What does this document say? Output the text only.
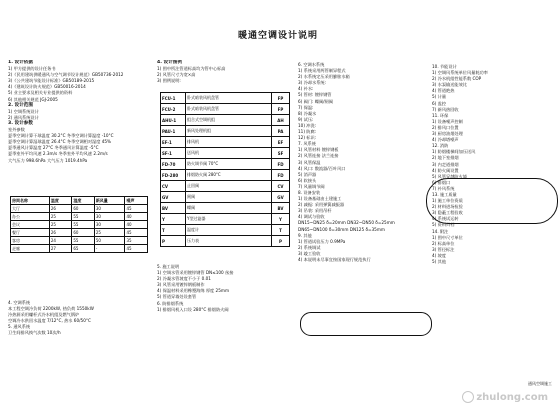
暖通空调设计说明

1. 设计依据

1) 甲方提供的设计任务书

2)《民用建筑供暖通风与空气调节设计规范》GB50736-2012

3)《公共建筑节能设计标准》GB50189-2015

4)《建筑设计防火规范》GB50016-2014

5) 业主要求及相关专业提供的资料

6) 其他相关规范 JGJ-2005

2. 设计范围

1) 空调系统设计

2) 通风系统设计

3. 设计参数

室外参数

夏季空调计算干球温度 30.2°C 冬季空调计算温度 -10°C

夏季空调计算湿球温度 26.4°C 冬季空调相对湿度 45%

夏季通风计算温度 27°C 冬季通风计算温度 -5°C

夏季室外平均风速 2.3m/s 冬季室外平均风速 2.2m/s

大气压力 998.6hPa 大气压力 1019.4hPa

房间名称	温度	湿度	新风量	噪声
大厅	26	60	30	45
办公	25	55	30	40
会议	25	55	30	40
餐厅	26	60	25	45
客房	24	55	50	35
走廊	27	65	-	45

4. 空调系统

本工程空调冷负荷 2200kW, 热负荷 1550kW

冷热源采用螺杆式冷水机组及燃气锅炉

空调冷水供回水温度 7/12°C, 热水 60/50°C

5. 通风系统

卫生间排风换气次数 10次/h

4. 设计图例

1) 图中所注管道标高均为管中心标高

2) 风管尺寸为宽×高

3) 图例说明:

FCU-1	卧式暗装风机盘管	FP
FCU-2	卧式暗装风机盘管	FP
AHU-1	组合式空调机组	AH
PAU-1	新风处理机组	PA
EF-1	排风机	EF
SF-1	送风机	SF
FD-70	防火调节阀 70°C	FD
FD-280	排烟防火阀 280°C	FD
CV	止回阀	CV
GV	闸阀	GV
BV	蝶阀	BV
Y	Y型过滤器	Y
T	温度计	T
P	压力表	P

5. 施工说明

1) 空调水管采用镀锌钢管 DN≤100 丝接

2) 冷凝水管坡度不小于 0.01

3) 风管采用镀锌钢板制作

4) 保温材料采用橡塑海绵 厚度 25mm

5) 管道穿墙处设套管

6. 防排烟系统

1) 排烟风机入口设 280°C 排烟防火阀

6. 空调水系统

1) 系统采用两管制异程式

2) 水系统定压采用膨胀水箱

3) 冷却水系统:

4) 补水:

5) 管材: 镀锌钢管

6) 阀门: 蝶阀/闸阀

7) 保温:

8) 冷凝水

9) 试压:

10) 冲洗:

11) 防腐:

12) 标识:

7. 风系统

1) 风管材料 镀锌钢板

2) 风管连接 法兰连接

3) 风管保温

4) 风口: 散流器/百叶风口

5) 消声器

6) 软接头

7) 风量调节阀

8. 设备安装

1) 设备基础由土建施工

2) 减振: 采用弹簧减振器

3) 吊装: 采用吊杆

4) 调试与验收

DN15~DN25 δ=20mm DN32~DN50 δ=25mm

DN65~DN100 δ=30mm DN125 δ=35mm

9. 其他

1) 管道试验压力 0.9MPa

2) 系统调试

3) 竣工验收

4) 本说明未尽事宜按国家现行规范执行

10. 节能设计

1) 空调风系统单位风量耗功率

2) 冷水机组性能系数 COP

3) 水泵输送能效比

4) 管道绝热

5) 计量

6) 监控

7) 新风热回收

11. 环保

1) 设备噪声控制

2) 排风口位置

3) 厨房油烟处理

4) 冷却塔噪声

12. 消防

1) 防烟楼梯间加压送风

2) 地下室排烟

3) 内走道排烟

4) 防火阀设置

5) 风管穿越防火墙

6) 排烟口

7) 补风系统

13. 施工质量

1) 施工单位资质

2) 材料进场检验

3) 隐蔽工程验收

4) 系统试运转

5) 资料归档

14. 附注

1) 图中尺寸单位

2) 标高单位

3) 管径标注

4) 坡度

5) 其他

通风空调施工
zhulong.com
